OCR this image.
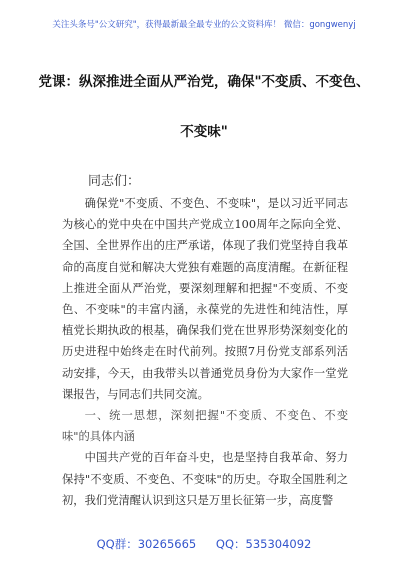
关注头条号"公文研究"，获得最新最全最专业的公文资料库！ 微信：gongwenyj
党课：纵深推进全面从严治党，确保"不变质、不变色、
不变味"
同志们：

确保党"不变质、不变色、不变味"，是以习近平同志为核心的党中央在中国共产党成立100周年之际向全党、全国、全世界作出的庄严承诺，体现了我们党坚持自我革命的高度自觉和解决大党独有难题的高度清醒。在新征程上推进全面从严治党，要深刻理解和把握"不变质、不变色、不变味"的丰富内涵，永葆党的先进性和纯洁性，厚植党长期执政的根基，确保我们党在世界形势深刻变化的历史进程中始终走在时代前列。按照7月份党支部系列活动安排，今天，由我带头以普通党员身份为大家作一堂党课报告，与同志们共同交流。

一、统一思想，深刻把握"不变质、不变色、不变味"的具体内涵

中国共产党的百年奋斗史，也是坚持自我革命、努力保持"不变质、不变色、不变味"的历史。夺取全国胜利之初，我们党清醒认识到这只是万里长征第一步，高度警

QQ群：30265665 QQ：535304092
